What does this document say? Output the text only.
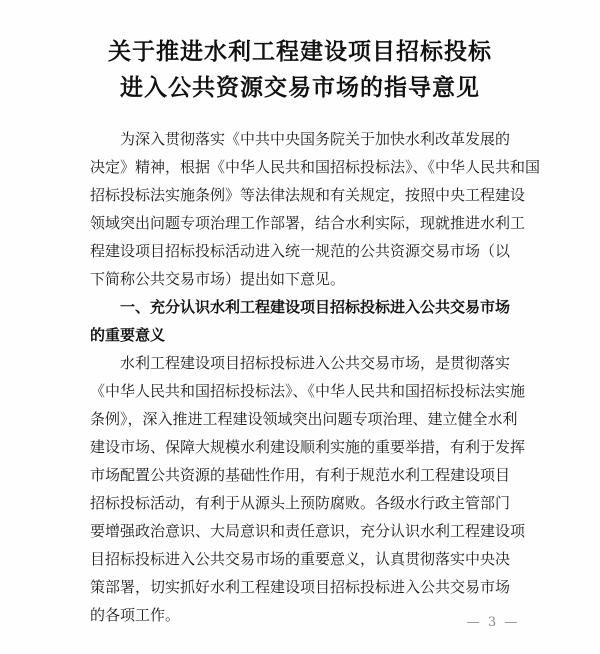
关于推进水利工程建设项目招标投标
进入公共资源交易市场的指导意见
为深入贯彻落实《中共中央国务院关于加快水利改革发展的
决定》精神，根据《中华人民共和国招标投标法》、《中华人民共和国
招标投标法实施条例》等法律法规和有关规定，按照中央工程建设
领域突出问题专项治理工作部署，结合水利实际，现就推进水利工
程建设项目招标投标活动进入统一规范的公共资源交易市场（以
下简称公共交易市场）提出如下意见。
一、充分认识水利工程建设项目招标投标进入公共交易市场
的重要意义
水利工程建设项目招标投标进入公共交易市场，是贯彻落实
《中华人民共和国招标投标法》、《中华人民共和国招标投标法实施
条例》，深入推进工程建设领域突出问题专项治理、建立健全水利
建设市场、保障大规模水利建设顺利实施的重要举措，有利于发挥
市场配置公共资源的基础性作用，有利于规范水利工程建设项目
招标投标活动，有利于从源头上预防腐败。各级水行政主管部门
要增强政治意识、大局意识和责任意识，充分认识水利工程建设项
目招标投标进入公共交易市场的重要意义，认真贯彻落实中央决
策部署，切实抓好水利工程建设项目招标投标进入公共交易市场
的各项工作。	— 3 —
